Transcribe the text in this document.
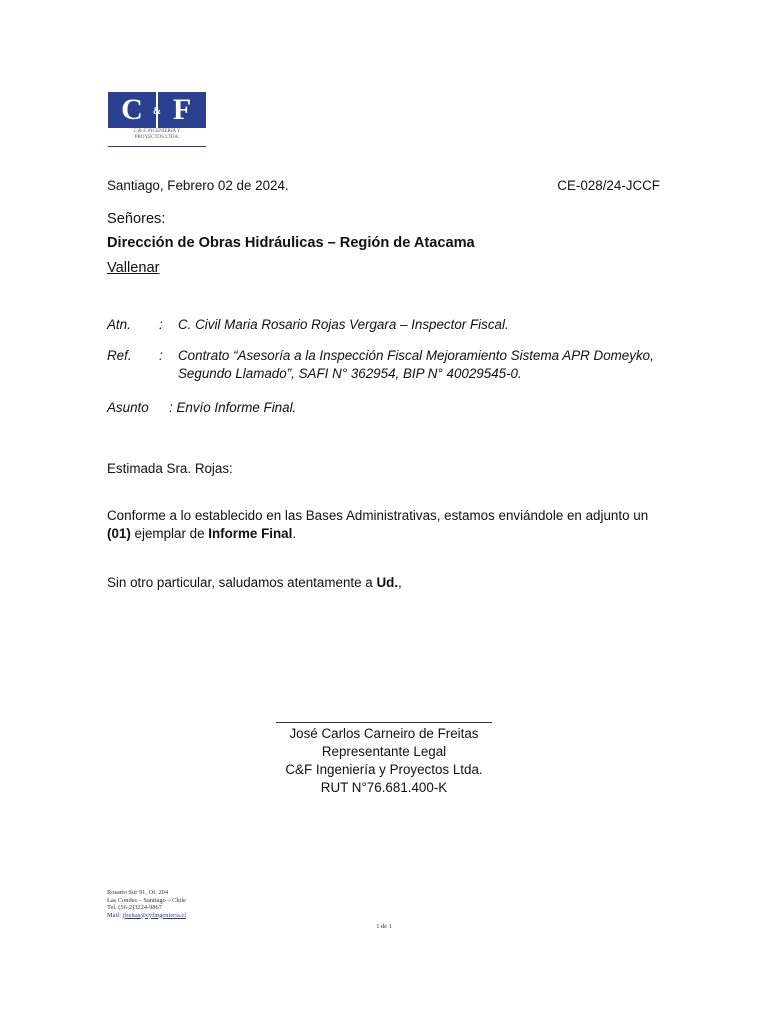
C	F
&
C & F INGENIERIA Y
PROYECTOS LTDA.
Santiago, Febrero 02 de 2024.	CE-028/24-JCCF
Señores:
Dirección de Obras Hidráulicas – Región de Atacama
Vallenar
Atn. : C. Civil Maria Rosario Rojas Vergara – Inspector Fiscal.
Ref. : Contrato “Asesoría a la Inspección Fiscal Mejoramiento Sistema APR Domeyko,
Segundo Llamado”, SAFI N° 362954, BIP N° 40029545-0.
Asunto : Envío Informe Final.
Estimada Sra. Rojas:
Conforme a lo establecido en las Bases Administrativas, estamos enviándole en adjunto un
(01) ejemplar de Informe Final.
Sin otro particular, saludamos atentamente a Ud.,
José Carlos Carneiro de Freitas
Representante Legal
C&F Ingeniería y Proyectos Ltda.
RUT N°76.681.400-K
Rosario Sur 91, Of. 204
Las Condes – Santiago – Chile
Tel. (56-2)3224-9867
Mail: jfreitas@cyfingenieria.cl
1 de 1
